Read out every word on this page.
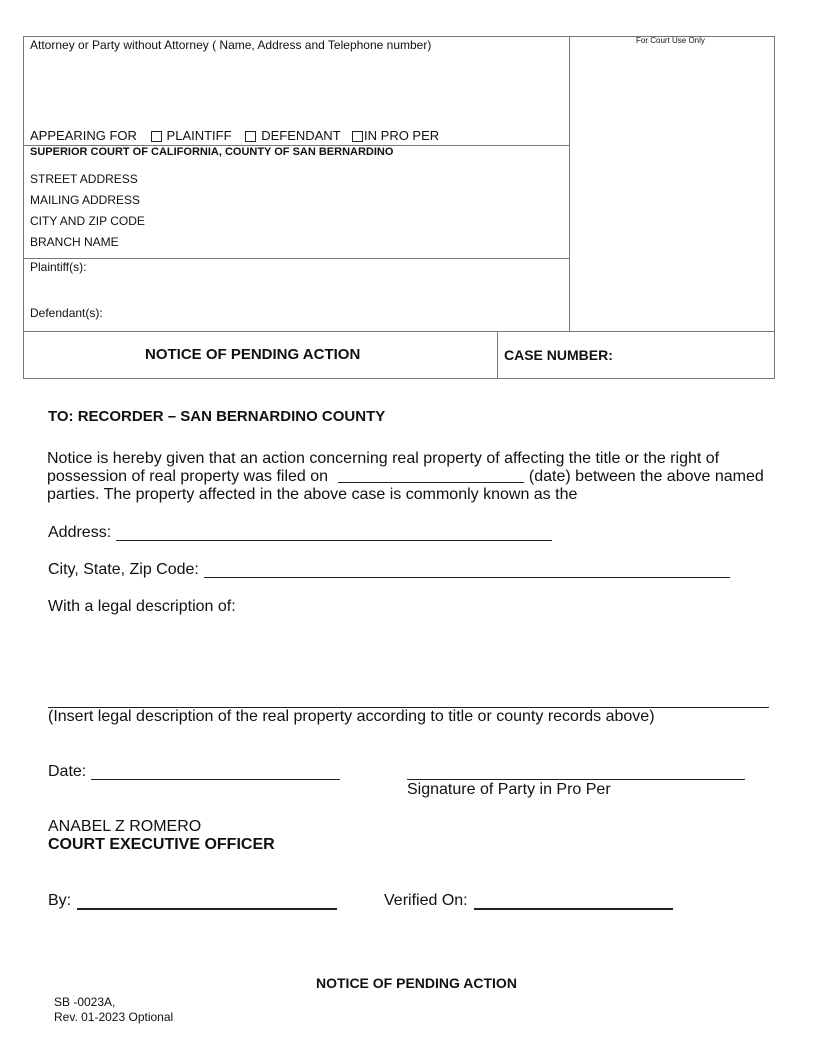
Attorney or Party without Attorney ( Name, Address and Telephone number)	For Court Use Only
APPEARING FOR PLAINTIFF DEFENDANT IN PRO PER
SUPERIOR COURT OF CALIFORNIA, COUNTY OF SAN BERNARDINO
STREET ADDRESS
MAILING ADDRESS
CITY AND ZIP CODE
BRANCH NAME
Plaintiff(s):
Defendant(s):
NOTICE OF PENDING ACTION	CASE NUMBER:
TO: RECORDER – SAN BERNARDINO COUNTY
Notice is hereby given that an action concerning real property of affecting the title or the right of possession of real property was filed on	(date) between the above named parties. The property affected in the above case is commonly known as the
Address:
City, State, Zip Code:
With a legal description of:
(Insert legal description of the real property according to title or county records above)
Date:
Signature of Party in Pro Per
ANABEL Z ROMERO
COURT EXECUTIVE OFFICER
By:	Verified On:
NOTICE OF PENDING ACTION
SB -0023A,
Rev. 01-2023 Optional
